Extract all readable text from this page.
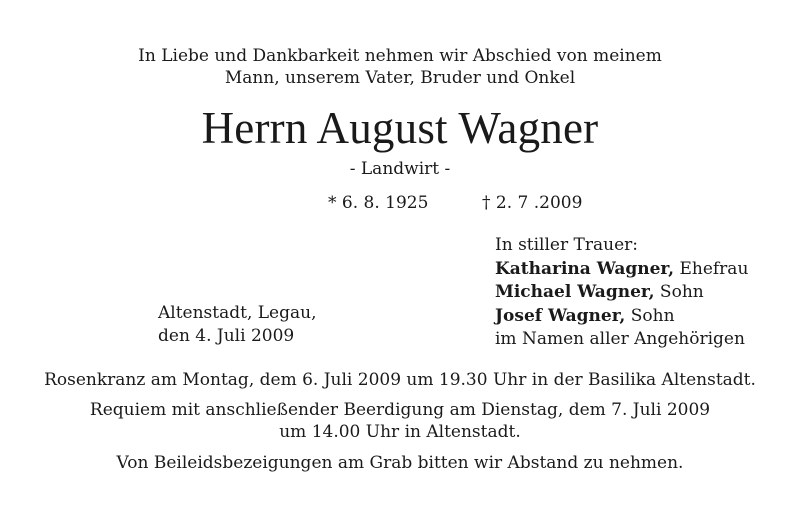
In Liebe und Dankbarkeit nehmen wir Abschied von meinem
Mann, unserem Vater, Bruder und Onkel
Herrn August Wagner
- Landwirt -
* 6. 8. 1925	† 2. 7 .2009
Altenstadt, Legau,
den 4. Juli 2009
In stiller Trauer:
Katharina Wagner, Ehefrau
Michael Wagner, Sohn
Josef Wagner, Sohn
im Namen aller Angehörigen
Rosenkranz am Montag, dem 6. Juli 2009 um 19.30 Uhr in der Basilika Altenstadt.
Requiem mit anschließender Beerdigung am Dienstag, dem 7. Juli 2009
um 14.00 Uhr in Altenstadt.
Von Beileidsbezeigungen am Grab bitten wir Abstand zu nehmen.
